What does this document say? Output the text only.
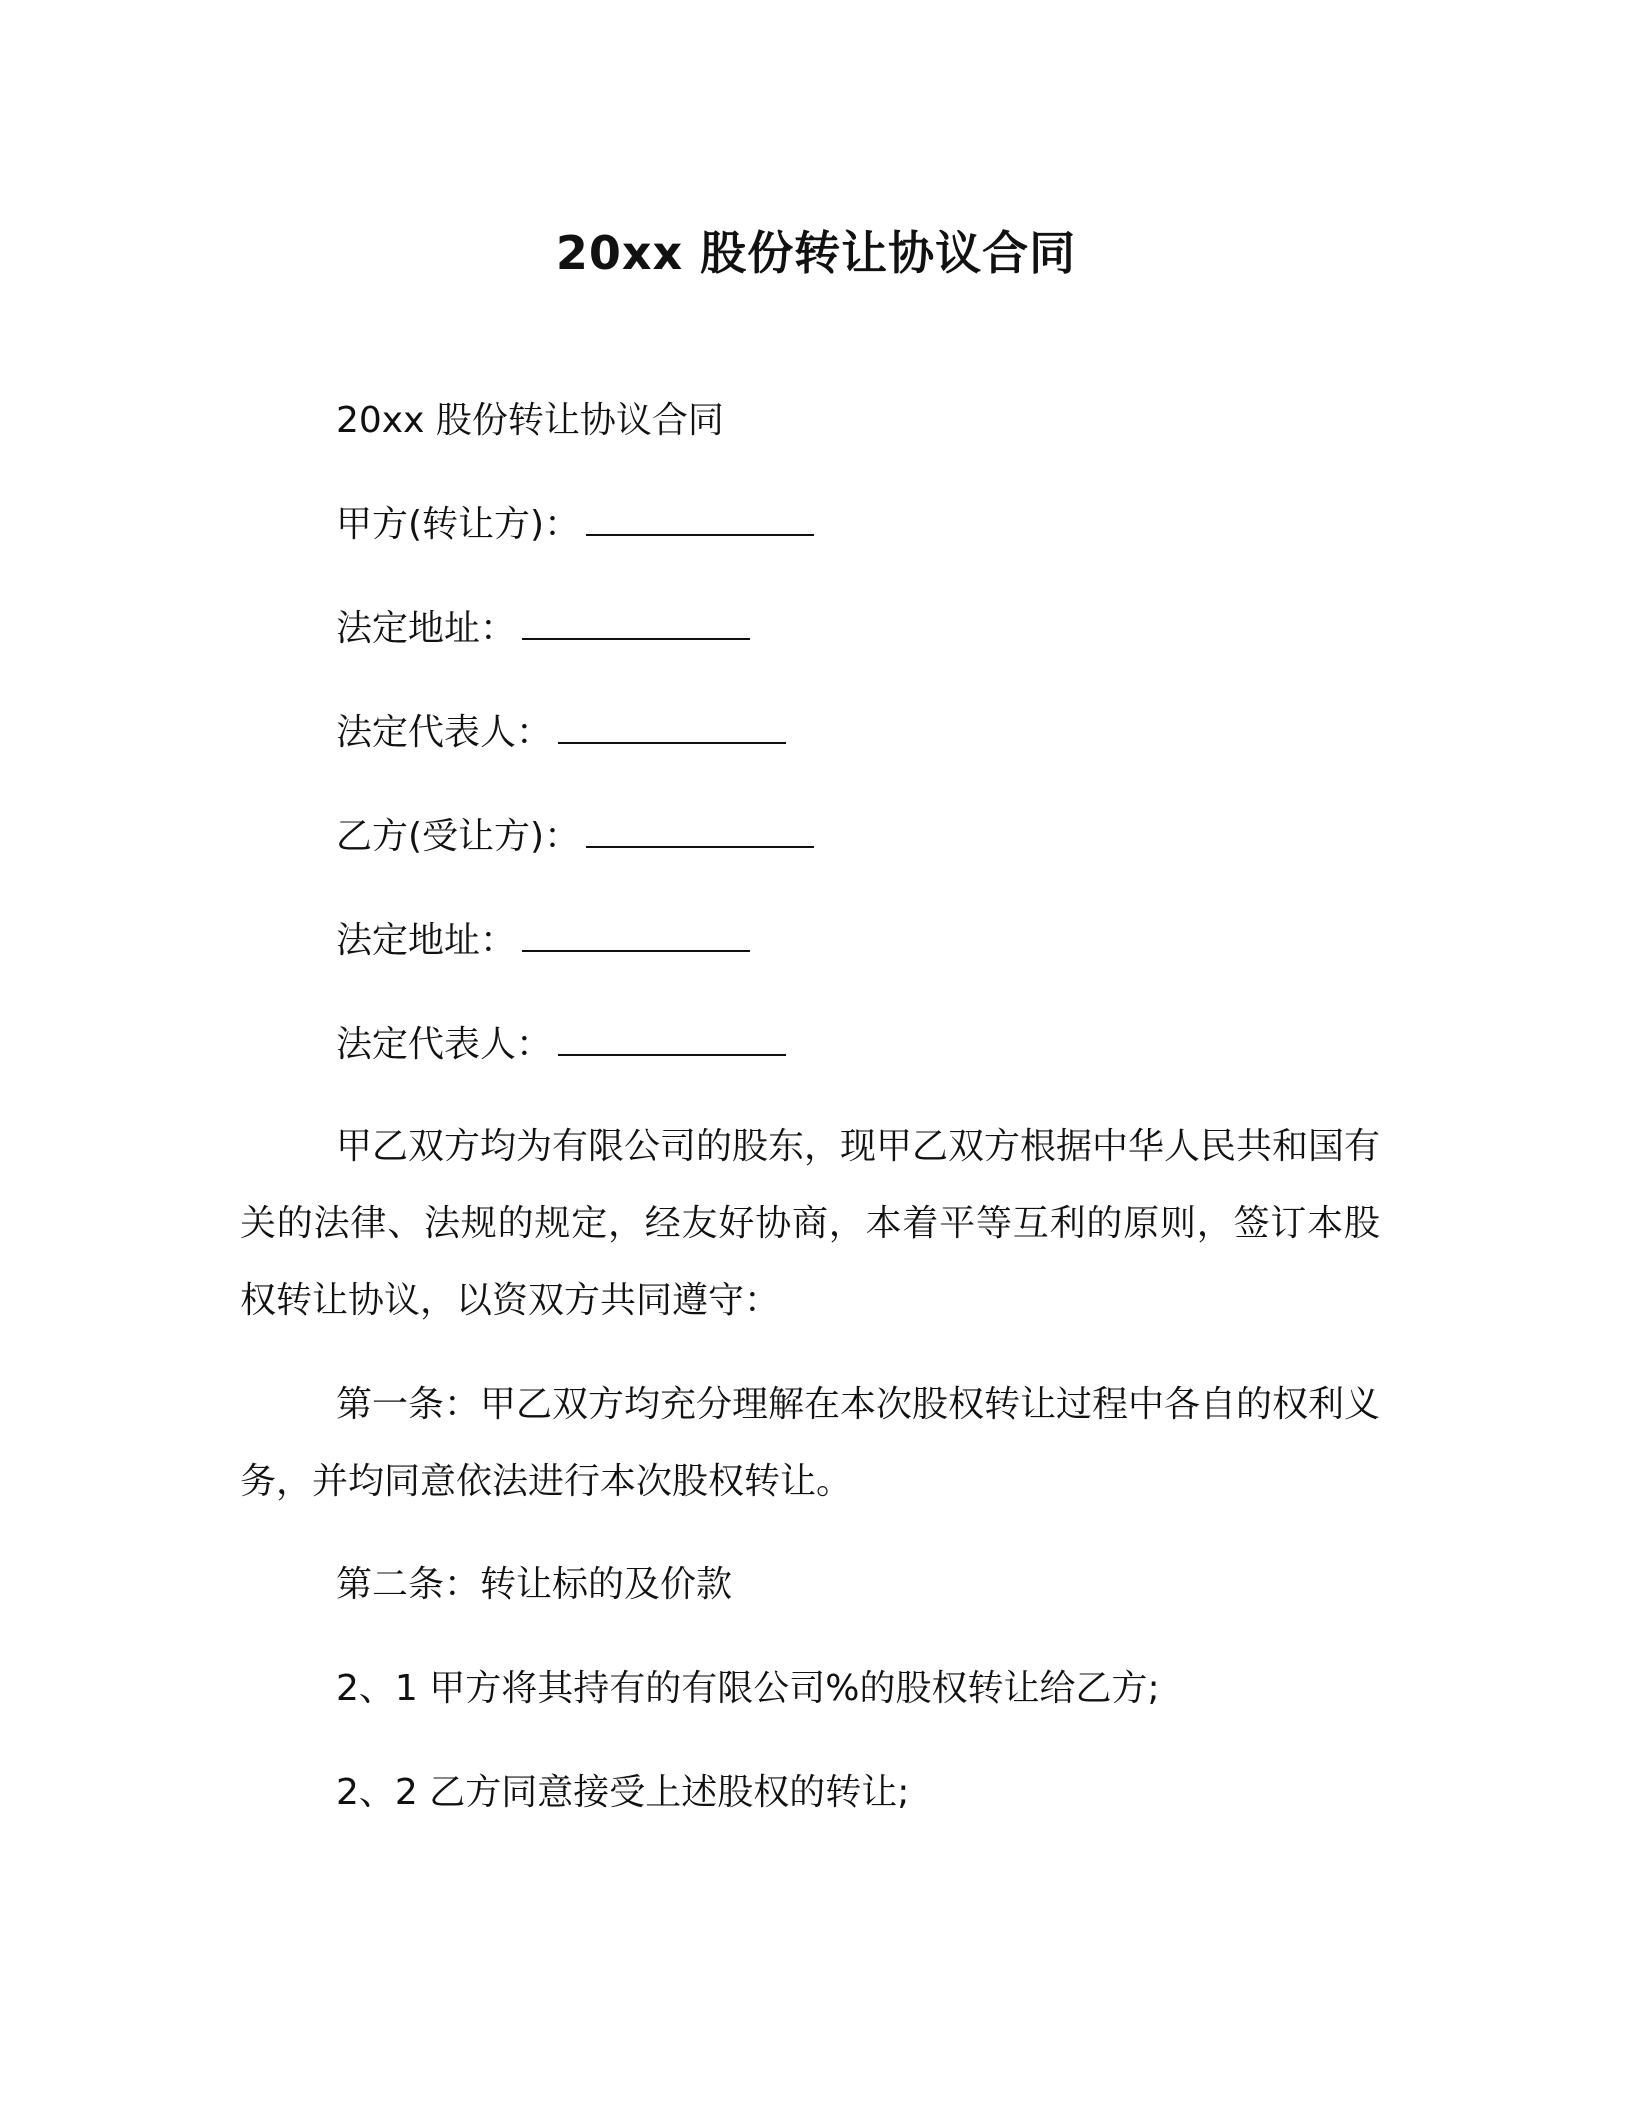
20xx 股份转让协议合同
20xx 股份转让协议合同
甲方(转让方)：
法定地址：
法定代表人：
乙方(受让方)：
法定地址：
法定代表人：
甲乙双方均为有限公司的股东，现甲乙双方根据中华人民共和国有关的法律、法规的规定，经友好协商，本着平等互利的原则，签订本股权转让协议，以资双方共同遵守：
第一条：甲乙双方均充分理解在本次股权转让过程中各自的权利义务，并均同意依法进行本次股权转让。
第二条：转让标的及价款
2、1 甲方将其持有的有限公司%的股权转让给乙方;
2、2 乙方同意接受上述股权的转让;
